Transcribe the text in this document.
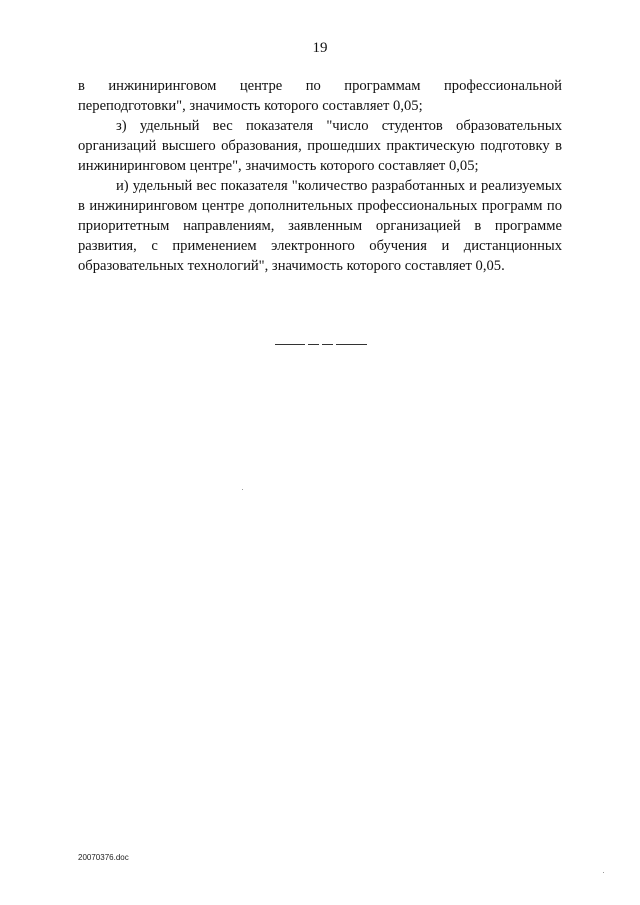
19

в инжиниринговом центре по программам профессиональной переподготовки", значимость которого составляет 0,05;

з) удельный вес показателя "число студентов образовательных организаций высшего образования, прошедших практическую подготовку в инжиниринговом центре", значимость которого составляет 0,05;

и) удельный вес показателя "количество разработанных и реализуемых в инжиниринговом центре дополнительных профессиональных программ по приоритетным направлениям, заявленным организацией в программе развития, с применением электронного обучения и дистанционных образовательных технологий", значимость которого составляет 0,05.

20070376.doc
